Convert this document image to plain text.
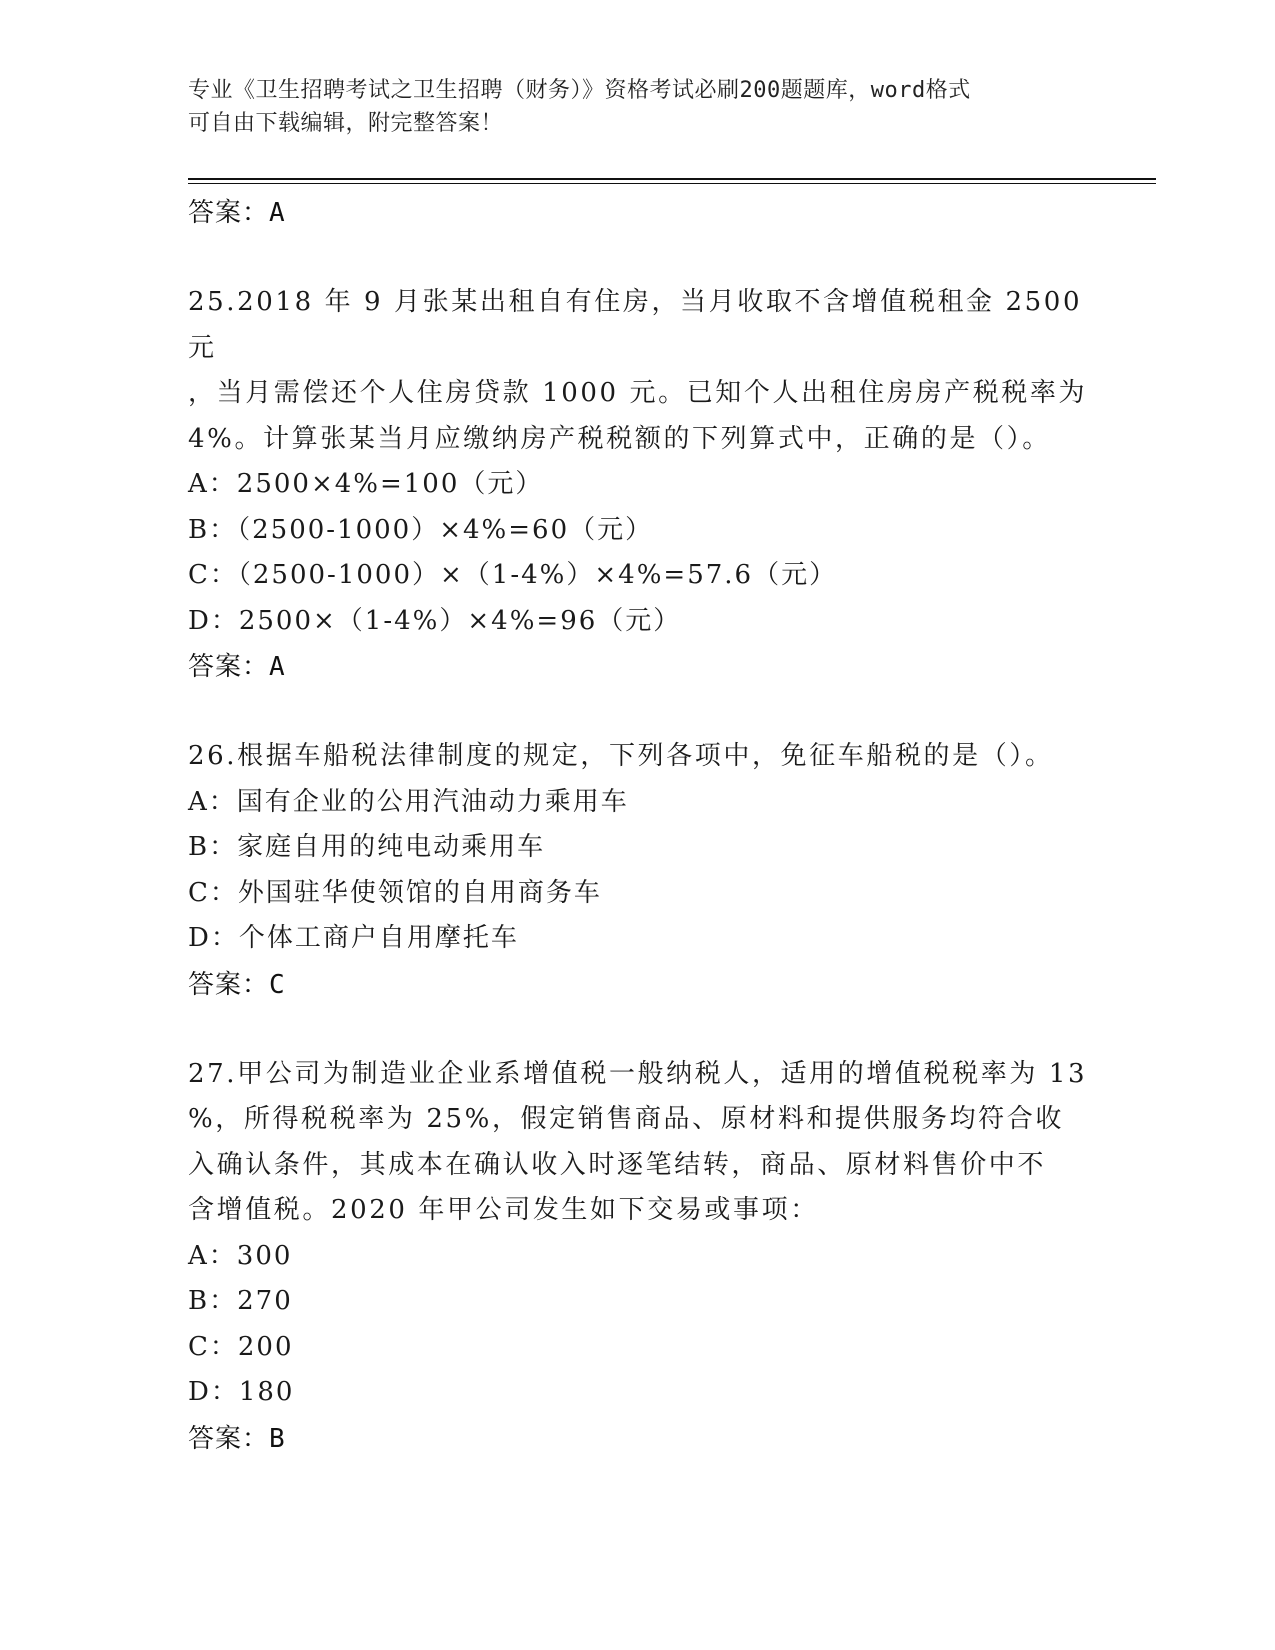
专业《卫生招聘考试之卫生招聘（财务）》资格考试必刷200题题库，word格式
可自由下载编辑，附完整答案！
答案：A

25.2018 年 9 月张某出租自有住房，当月收取不含增值税租金 2500 元

，当月需偿还个人住房贷款 1000 元。已知个人出租住房房产税税率为

4%。计算张某当月应缴纳房产税税额的下列算式中，正确的是（）。

A：2500×4%=100（元）

B：（2500-1000）×4%=60（元）

C：（2500-1000）×（1-4%）×4%=57.6（元）

D：2500×（1-4%）×4%=96（元）

答案：A

26.根据车船税法律制度的规定，下列各项中，免征车船税的是（）。

A：国有企业的公用汽油动力乘用车

B：家庭自用的纯电动乘用车

C：外国驻华使领馆的自用商务车

D：个体工商户自用摩托车

答案：C

27.甲公司为制造业企业系增值税一般纳税人，适用的增值税税率为 13

%，所得税税率为 25%，假定销售商品、原材料和提供服务均符合收

入确认条件，其成本在确认收入时逐笔结转，商品、原材料售价中不

含增值税。2020 年甲公司发生如下交易或事项：

A：300

B：270

C：200

D：180

答案：B
